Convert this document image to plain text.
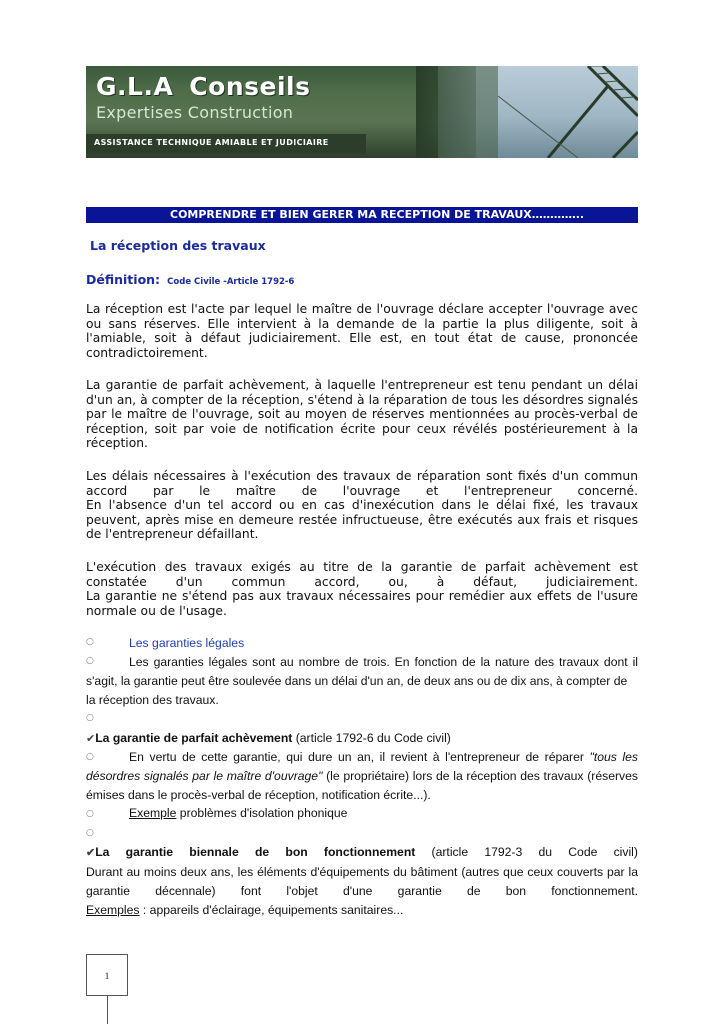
G.L.A Conseils
Expertises Construction
ASSISTANCE TECHNIQUE AMIABLE ET JUDICIAIRE
COMPRENDRE ET BIEN GERER MA RECEPTION DE TRAVAUX…………..
La réception des travaux
Définition: Code Civile -Article 1792-6
La réception est l'acte par lequel le maître de l'ouvrage déclare accepter l'ouvrage avec
ou sans réserves. Elle intervient à la demande de la partie la plus diligente, soit à
l'amiable, soit à défaut judiciairement. Elle est, en tout état de cause, prononcée
contradictoirement.
La garantie de parfait achèvement, à laquelle l'entrepreneur est tenu pendant un délai
d'un an, à compter de la réception, s'étend à la réparation de tous les désordres signalés
par le maître de l'ouvrage, soit au moyen de réserves mentionnées au procès-verbal de
réception, soit par voie de notification écrite pour ceux révélés postérieurement à la
réception.
Les délais nécessaires à l'exécution des travaux de réparation sont fixés d'un commun
accord par le maître de l'ouvrage et l'entrepreneur concerné.
En l'absence d'un tel accord ou en cas d'inexécution dans le délai fixé, les travaux
peuvent, après mise en demeure restée infructueuse, être exécutés aux frais et risques
de l'entrepreneur défaillant.
L'exécution des travaux exigés au titre de la garantie de parfait achèvement est
constatée d'un commun accord, ou, à défaut, judiciairement.
La garantie ne s'étend pas aux travaux nécessaires pour remédier aux effets de l'usure
normale ou de l'usage.
○	Les garanties légales
○	Les garanties légales sont au nombre de trois. En fonction de la nature des travaux dont il
s'agit, la garantie peut être soulevée dans un délai d'un an, de deux ans ou de dix ans, à compter de
la réception des travaux.
○
✔La garantie de parfait achèvement (article 1792-6 du Code civil)
○	En vertu de cette garantie, qui dure un an, il revient à l'entrepreneur de réparer "tous les
désordres signalés par le maître d'ouvrage" (le propriétaire) lors de la réception des travaux (réserves
émises dans le procès-verbal de réception, notification écrite...).
○	Exemple problèmes d'isolation phonique
○
✔La garantie biennale de bon fonctionnement (article 1792-3 du Code civil)
Durant au moins deux ans, les éléments d'équipements du bâtiment (autres que ceux couverts par la
garantie décennale) font l'objet d'une garantie de bon fonctionnement.
Exemples : appareils d'éclairage, équipements sanitaires...
1
